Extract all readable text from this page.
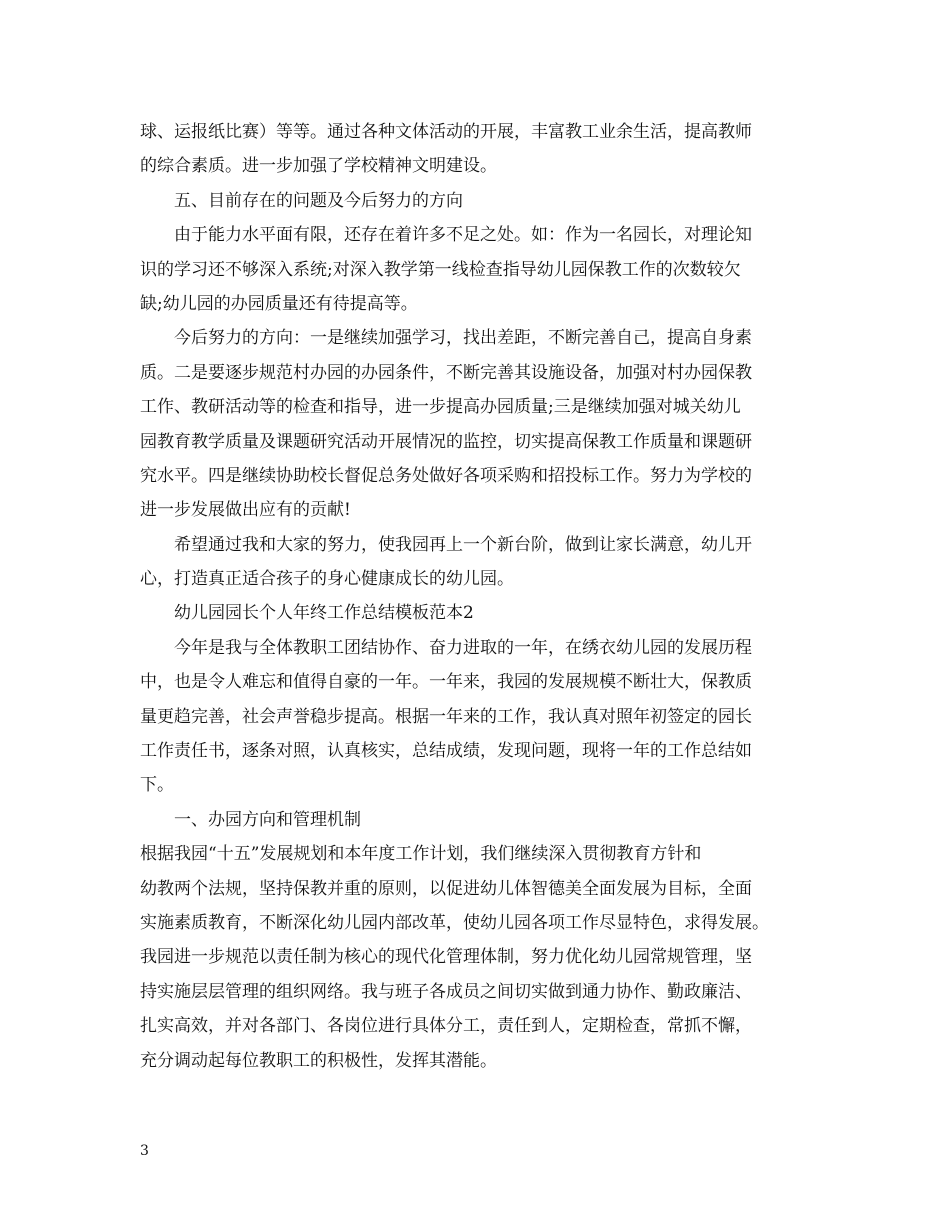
球、运报纸比赛）等等。通过各种文体活动的开展，丰富教工业余生活，提高教师
的综合素质。进一步加强了学校精神文明建设。
五、目前存在的问题及今后努力的方向
由于能力水平面有限，还存在着许多不足之处。如：作为一名园长，对理论知
识的学习还不够深入系统;对深入教学第一线检查指导幼儿园保教工作的次数较欠
缺;幼儿园的办园质量还有待提高等。
今后努力的方向：一是继续加强学习，找出差距，不断完善自己，提高自身素
质。二是要逐步规范村办园的办园条件，不断完善其设施设备，加强对村办园保教
工作、教研活动等的检查和指导，进一步提高办园质量;三是继续加强对城关幼儿
园教育教学质量及课题研究活动开展情况的监控，切实提高保教工作质量和课题研
究水平。四是继续协助校长督促总务处做好各项采购和招投标工作。努力为学校的
进一步发展做出应有的贡献!
希望通过我和大家的努力，使我园再上一个新台阶，做到让家长满意，幼儿开
心，打造真正适合孩子的身心健康成长的幼儿园。
幼儿园园长个人年终工作总结模板范本2
今年是我与全体教职工团结协作、奋力进取的一年，在绣衣幼儿园的发展历程
中，也是令人难忘和值得自豪的一年。一年来，我园的发展规模不断壮大，保教质
量更趋完善，社会声誉稳步提高。根据一年来的工作，我认真对照年初签定的园长
工作责任书，逐条对照，认真核实，总结成绩，发现问题，现将一年的工作总结如
下。
一、办园方向和管理机制
根据我园“十五”发展规划和本年度工作计划，我们继续深入贯彻教育方针和
幼教两个法规，坚持保教并重的原则，以促进幼儿体智德美全面发展为目标，全面
实施素质教育，不断深化幼儿园内部改革，使幼儿园各项工作尽显特色，求得发展。
我园进一步规范以责任制为核心的现代化管理体制，努力优化幼儿园常规管理，坚
持实施层层管理的组织网络。我与班子各成员之间切实做到通力协作、勤政廉洁、
扎实高效，并对各部门、各岗位进行具体分工，责任到人，定期检查，常抓不懈，
充分调动起每位教职工的积极性，发挥其潜能。
3
